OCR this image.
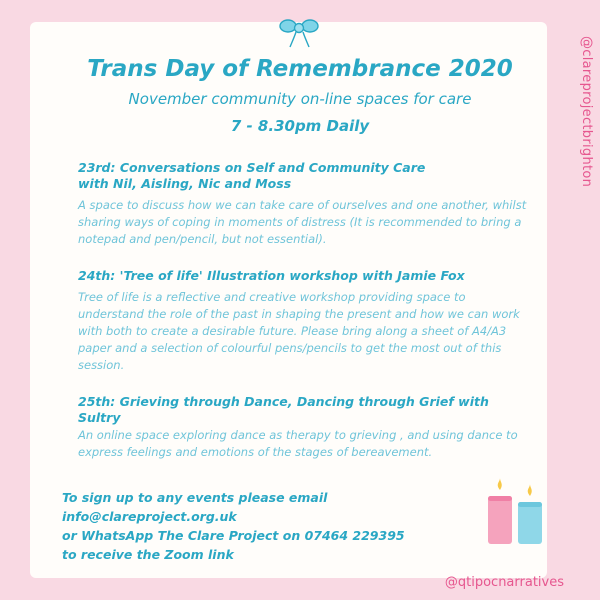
@clareprojectbrighton
Trans Day of Remembrance 2020
November community on-line spaces for care
7 - 8.30pm Daily
23rd: Conversations on Self and Community Care
with Nil, Aisling, Nic and Moss
A space to discuss how we can take care of ourselves and one another, whilst sharing ways of coping in moments of distress (It is recommended to bring a notepad and pen/pencil, but not essential).
24th: 'Tree of life' Illustration workshop with Jamie Fox
Tree of life is a reflective and creative workshop providing space to understand the role of the past in shaping the present and how we can work with both to create a desirable future. Please bring along a sheet of A4/A3 paper and a selection of colourful pens/pencils to get the most out of this session.
25th: Grieving through Dance, Dancing through Grief with Sultry
An online space exploring dance as therapy to grieving , and using dance to express feelings and emotions of the stages of bereavement.
To sign up to any events please email info@clareproject.org.uk
or WhatsApp The Clare Project on 07464 229395
to receive the Zoom link
@qtipocnarratives
